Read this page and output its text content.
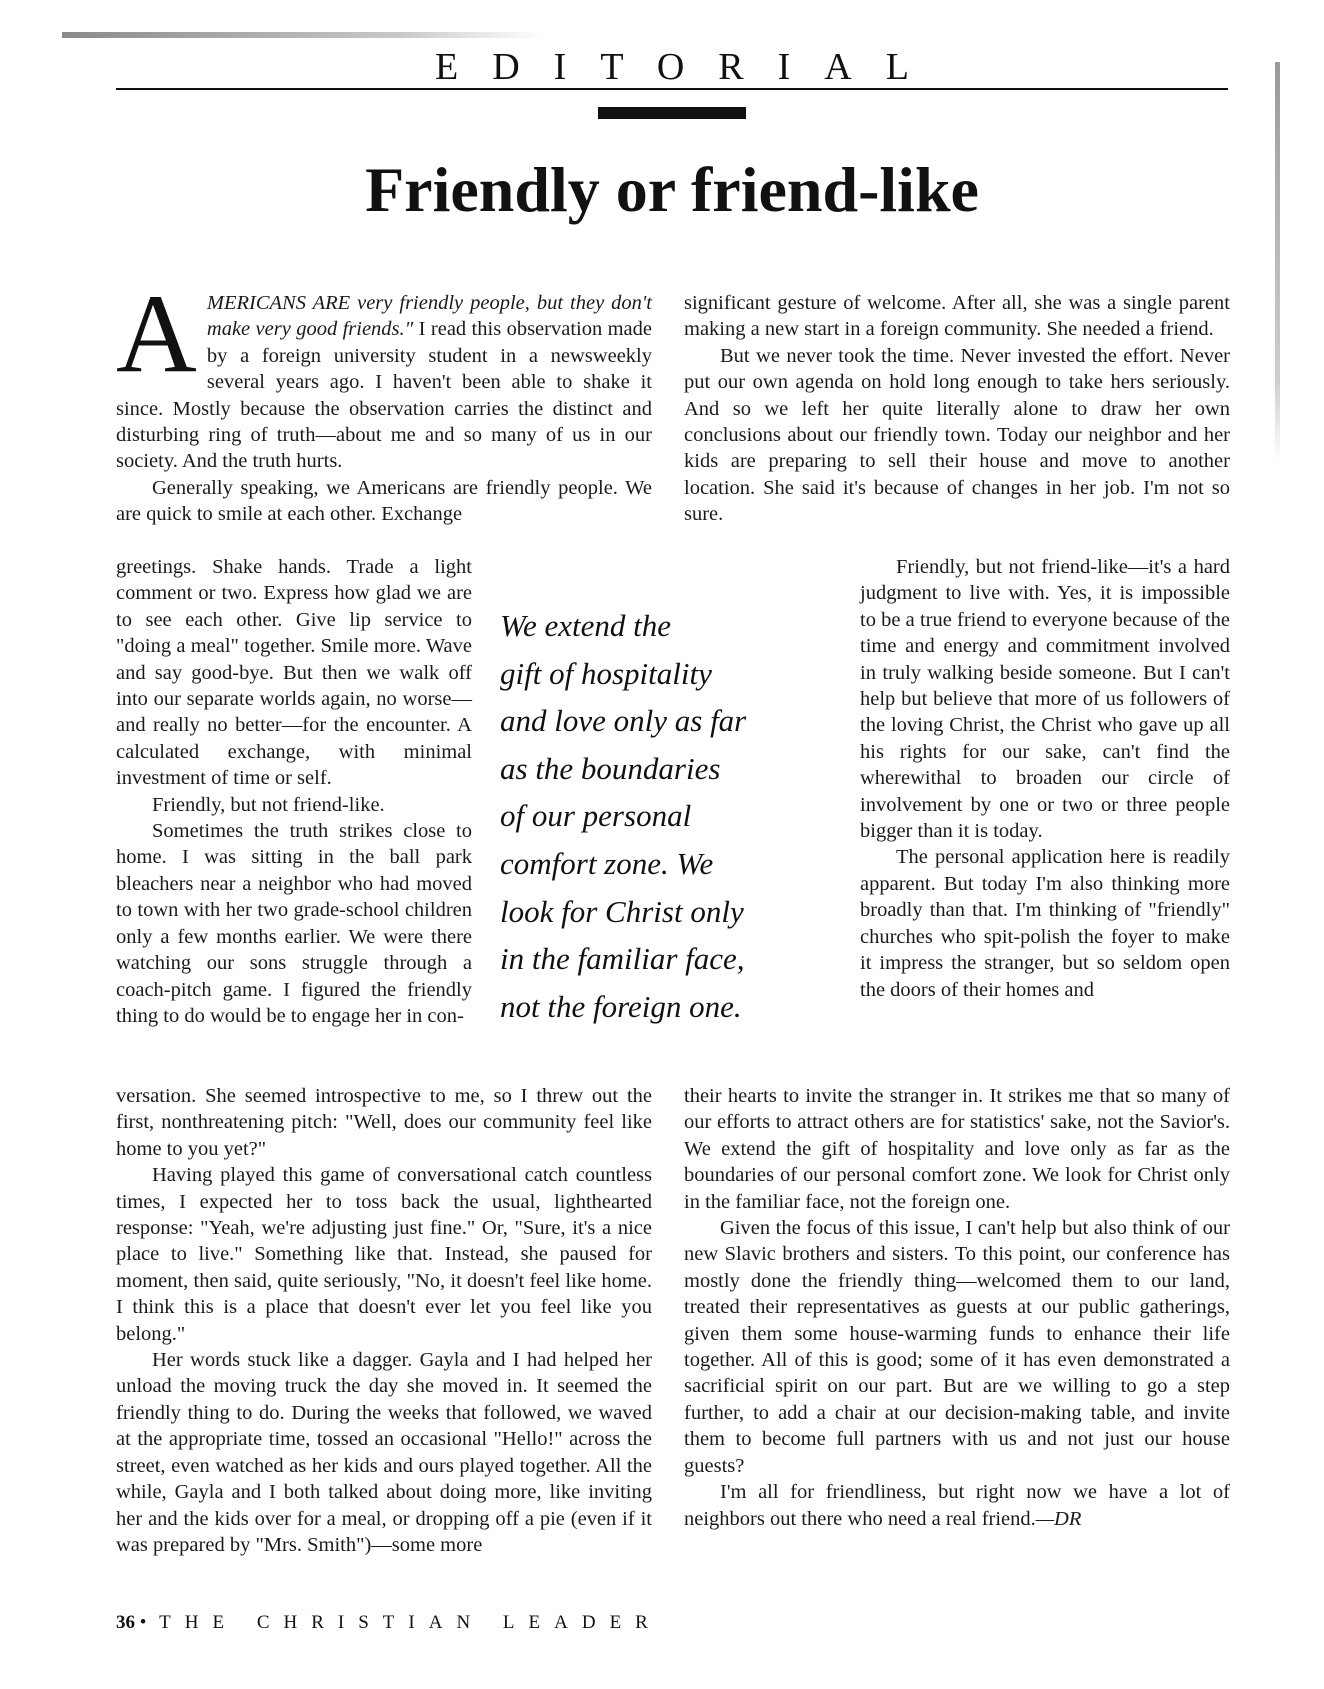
EDITORIAL
Friendly or friend-like

AMERICANS ARE very friendly people, but they don't make very good friends." I read this observation made by a foreign university student in a newsweekly several years ago. I haven't been able to shake it since. Mostly because the observation carries the distinct and disturbing ring of truth—about me and so many of us in our society. And the truth hurts.

Generally speaking, we Americans are friendly people. We are quick to smile at each other. Exchange

greetings. Shake hands. Trade a light comment or two. Express how glad we are to see each other. Give lip service to "doing a meal" together. Smile more. Wave and say good-bye. But then we walk off into our separate worlds again, no worse—and really no better—for the encounter. A calculated exchange, with minimal investment of time or self.

Friendly, but not friend-like.

Sometimes the truth strikes close to home. I was sitting in the ball park bleachers near a neighbor who had moved to town with her two grade-school children only a few months earlier. We were there watching our sons struggle through a coach-pitch game. I figured the friendly thing to do would be to engage her in con-

versation. She seemed introspective to me, so I threw out the first, nonthreatening pitch: "Well, does our community feel like home to you yet?"

Having played this game of conversational catch countless times, I expected her to toss back the usual, lighthearted response: "Yeah, we're adjusting just fine." Or, "Sure, it's a nice place to live." Something like that. Instead, she paused for moment, then said, quite seriously, "No, it doesn't feel like home. I think this is a place that doesn't ever let you feel like you belong."

Her words stuck like a dagger. Gayla and I had helped her unload the moving truck the day she moved in. It seemed the friendly thing to do. During the weeks that followed, we waved at the appropriate time, tossed an occasional "Hello!" across the street, even watched as her kids and ours played together. All the while, Gayla and I both talked about doing more, like inviting her and the kids over for a meal, or dropping off a pie (even if it was prepared by "Mrs. Smith")—some more

We extend the
gift of hospitality
and love only as far
as the boundaries
of our personal
comfort zone. We
look for Christ only
in the familiar face,
not the foreign one.

significant gesture of welcome. After all, she was a single parent making a new start in a foreign community. She needed a friend.

But we never took the time. Never invested the effort. Never put our own agenda on hold long enough to take hers seriously. And so we left her quite literally alone to draw her own conclusions about our friendly town. Today our neighbor and her kids are preparing to sell their house and move to another location. She said it's because of changes in her job. I'm not so sure.

Friendly, but not friend-like—it's a hard judgment to live with. Yes, it is impossible to be a true friend to everyone because of the time and energy and commitment involved in truly walking beside someone. But I can't help but believe that more of us followers of the loving Christ, the Christ who gave up all his rights for our sake, can't find the wherewithal to broaden our circle of involvement by one or two or three people bigger than it is today.

The personal application here is readily apparent. But today I'm also thinking more broadly than that. I'm thinking of "friendly" churches who spit-polish the foyer to make it impress the stranger, but so seldom open the doors of their homes and

their hearts to invite the stranger in. It strikes me that so many of our efforts to attract others are for statistics' sake, not the Savior's. We extend the gift of hospitality and love only as far as the boundaries of our personal comfort zone. We look for Christ only in the familiar face, not the foreign one.

Given the focus of this issue, I can't help but also think of our new Slavic brothers and sisters. To this point, our conference has mostly done the friendly thing—welcomed them to our land, treated their representatives as guests at our public gatherings, given them some house-warming funds to enhance their life together. All of this is good; some of it has even demonstrated a sacrificial spirit on our part. But are we willing to go a step further, to add a chair at our decision-making table, and invite them to become full partners with us and not just our house guests?

I'm all for friendliness, but right now we have a lot of neighbors out there who need a real friend.—DR

36 • THE CHRISTIAN LEADER
